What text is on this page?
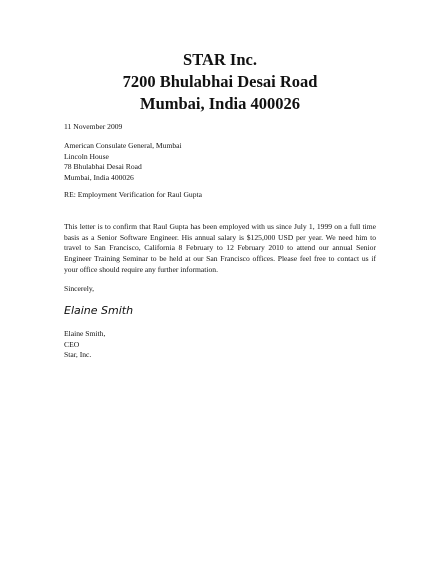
STAR Inc.
7200 Bhulabhai Desai Road
Mumbai, India 400026
11 November 2009
American Consulate General, Mumbai
Lincoln House
78 Bhulabhai Desai Road
Mumbai, India 400026
RE: Employment Verification for Raul Gupta
This letter is to confirm that Raul Gupta has been employed with us since July 1, 1999 on a full time basis as a Senior Software Engineer. His annual salary is $125,000 USD per year. We need him to travel to San Francisco, California 8 February to 12 February 2010 to attend our annual Senior Engineer Training Seminar to be held at our San Francisco offices. Please feel free to contact us if your office should require any further information.
Sincerely,
Elaine Smith
Elaine Smith,
CEO
Star, Inc.
